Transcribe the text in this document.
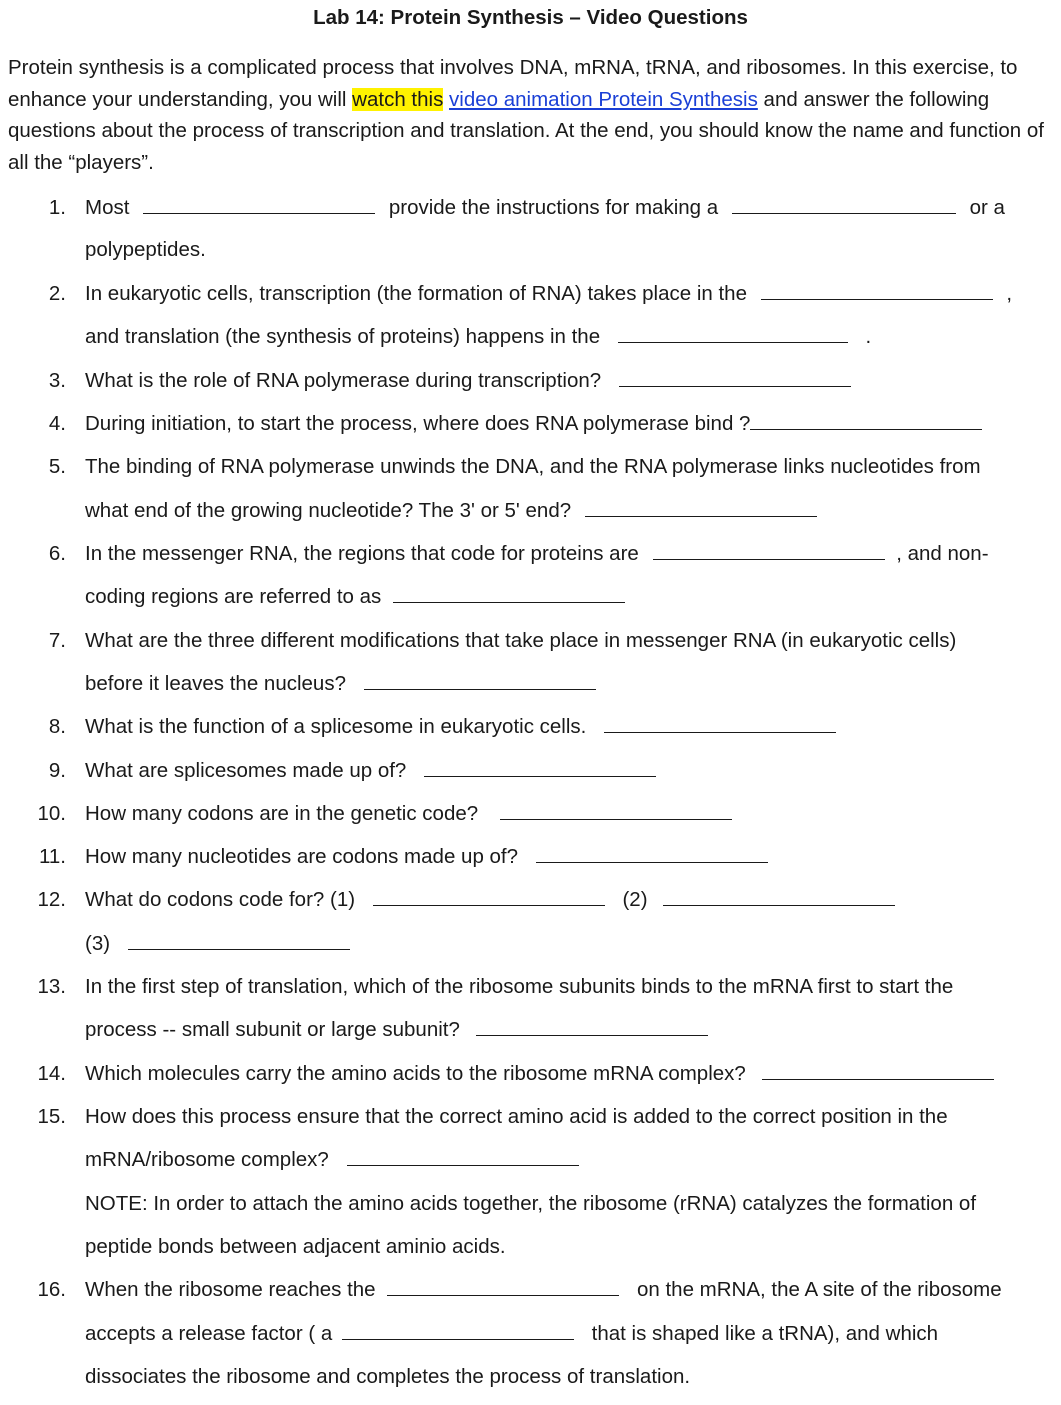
Lab 14: Protein Synthesis – Video Questions

Protein synthesis is a complicated process that involves DNA, mRNA, tRNA, and ribosomes. In this exercise, to enhance your understanding, you will watch this video animation Protein Synthesis and answer the following questions about the process of transcription and translation. At the end, you should know the name and function of all the “players”.

1. Most	provide the instructions for making a	or a
polypeptides.
2. In eukaryotic cells, transcription (the formation of RNA) takes place in the	,
and translation (the synthesis of proteins) happens in the	.
3. What is the role of RNA polymerase during transcription?
4. During initiation, to start the process, where does RNA polymerase bind ?
5. The binding of RNA polymerase unwinds the DNA, and the RNA polymerase links nucleotides from
what end of the growing nucleotide? The 3' or 5' end?
6. In the messenger RNA, the regions that code for proteins are	, and non-
coding regions are referred to as
7. What are the three different modifications that take place in messenger RNA (in eukaryotic cells)
before it leaves the nucleus?
8. What is the function of a splicesome in eukaryotic cells.
9. What are splicesomes made up of?
10. How many codons are in the genetic code?
11. How many nucleotides are codons made up of?
12. What do codons code for? (1)	(2)
(3)
13. In the first step of translation, which of the ribosome subunits binds to the mRNA first to start the
process -- small subunit or large subunit?
14. Which molecules carry the amino acids to the ribosome mRNA complex?
15. How does this process ensure that the correct amino acid is added to the correct position in the
mRNA/ribosome complex?
NOTE: In order to attach the amino acids together, the ribosome (rRNA) catalyzes the formation of
peptide bonds between adjacent aminio acids.
16. When the ribosome reaches the	on the mRNA, the A site of the ribosome
accepts a release factor ( a	that is shaped like a tRNA), and which
dissociates the ribosome and completes the process of translation.
